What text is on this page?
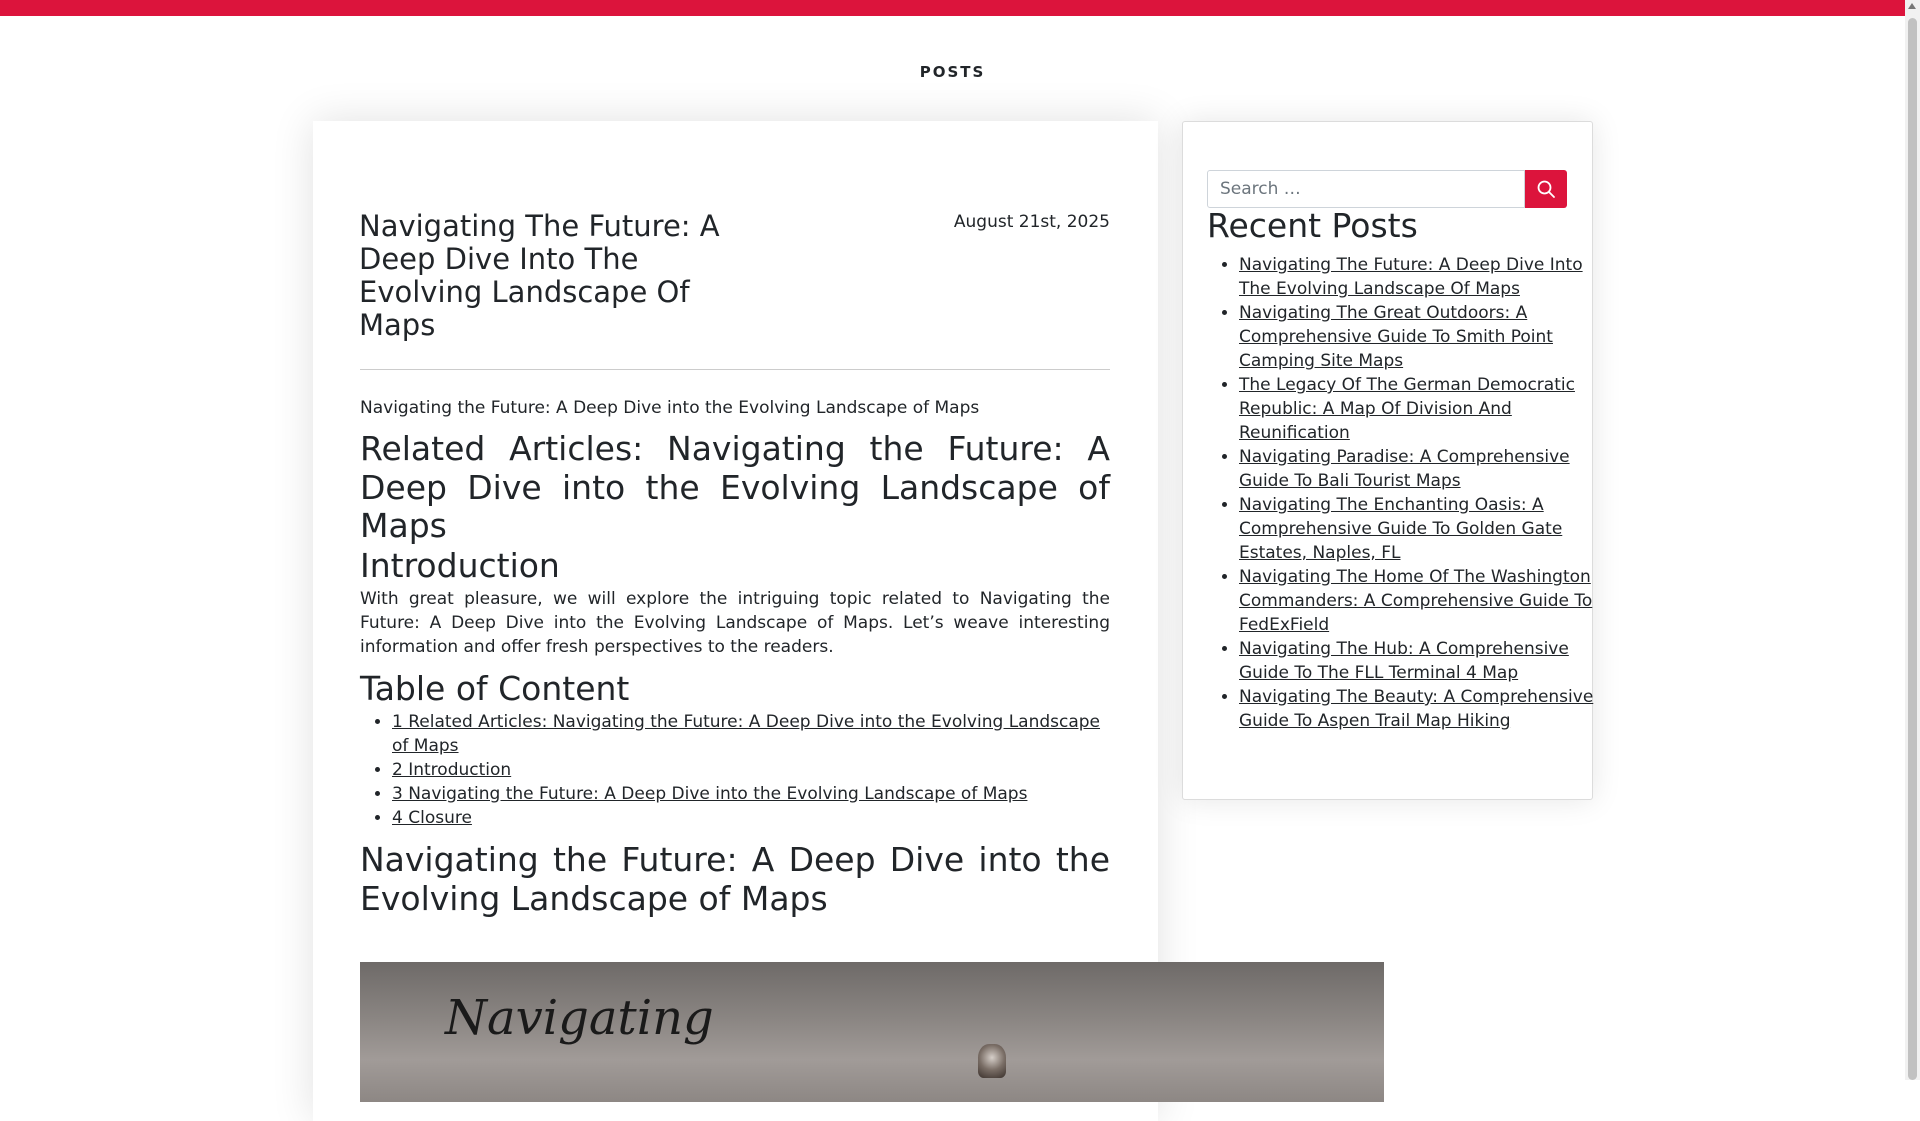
POSTS
Navigating The Future: A Deep Dive Into The Evolving Landscape Of Maps
August 21st, 2025

Navigating the Future: A Deep Dive into the Evolving Landscape of Maps

Related Articles: Navigating the Future: A Deep Dive into the Evolving Landscape of Maps
Introduction

With great pleasure, we will explore the intriguing topic related to Navigating the Future: A Deep Dive into the Evolving Landscape of Maps. Let’s weave interesting information and offer fresh perspectives to the readers.

Table of Content
• 1 Related Articles: Navigating the Future: A Deep Dive into the Evolving Landscape of Maps
• 2 Introduction
• 3 Navigating the Future: A Deep Dive into the Evolving Landscape of Maps
• 4 Closure
Navigating the Future: A Deep Dive into the Evolving Landscape of Maps
Navigating
Search …
Recent Posts
• Navigating The Future: A Deep Dive Into The Evolving Landscape Of Maps
• Navigating The Great Outdoors: A Comprehensive Guide To Smith Point Camping Site Maps
• The Legacy Of The German Democratic Republic: A Map Of Division And Reunification
• Navigating Paradise: A Comprehensive Guide To Bali Tourist Maps
• Navigating The Enchanting Oasis: A Comprehensive Guide To Golden Gate Estates, Naples, FL
• Navigating The Home Of The Washington Commanders: A Comprehensive Guide To FedExField
• Navigating The Hub: A Comprehensive Guide To The FLL Terminal 4 Map
• Navigating The Beauty: A Comprehensive Guide To Aspen Trail Map Hiking
